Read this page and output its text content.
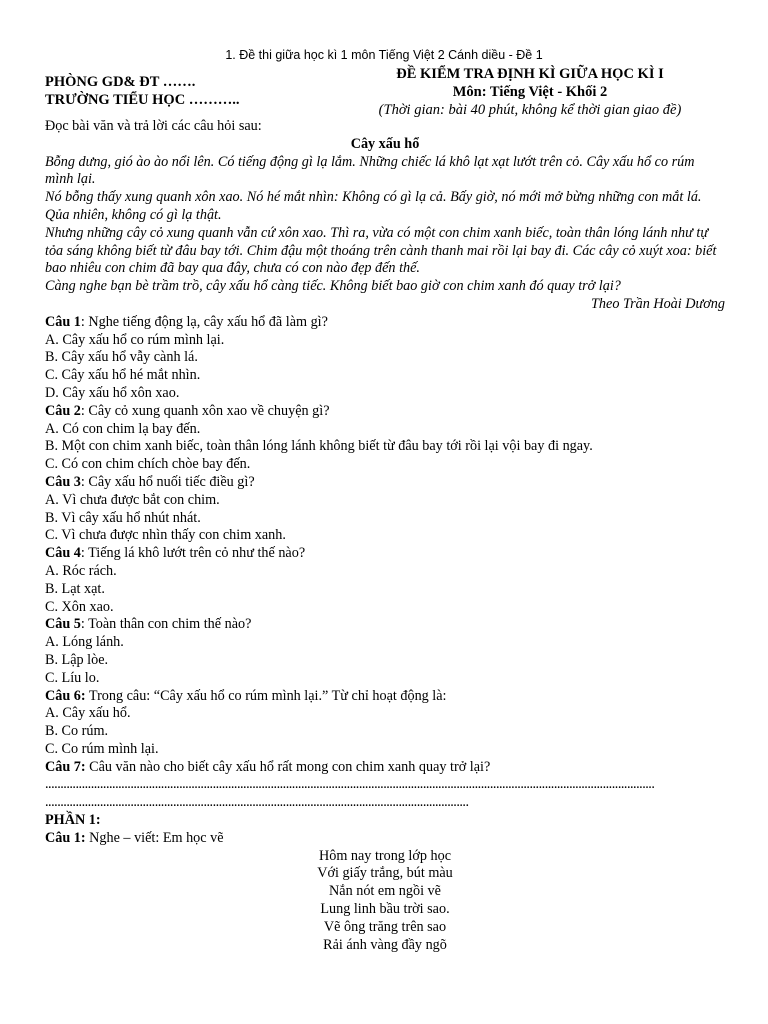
1. Đề thi giữa học kì 1 môn Tiếng Việt 2 Cánh diều - Đề 1
PHÒNG GD& ĐT …….
TRƯỜNG TIỂU HỌC ………..
ĐỀ KIỂM TRA ĐỊNH KÌ GIỮA HỌC KÌ I
Môn: Tiếng Việt - Khối 2
(Thời gian: bài 40 phút, không kể thời gian giao đề)

Đọc bài văn và trả lời các câu hỏi sau:

Cây xấu hổ

Bỗng dưng, gió ào ào nổi lên. Có tiếng động gì lạ lắm. Những chiếc lá khô lạt xạt lướt trên cỏ. Cây xấu hổ co rúm mình lại.

Nó bỗng thấy xung quanh xôn xao. Nó hé mắt nhìn: Không có gì lạ cả. Bấy giờ, nó mới mở bừng những con mắt lá. Qủa nhiên, không có gì lạ thật.

Nhưng những cây cỏ xung quanh vẫn cứ xôn xao. Thì ra, vừa có một con chim xanh biếc, toàn thân lóng lánh như tự tỏa sáng không biết từ đâu bay tới. Chim đậu một thoáng trên cành thanh mai rồi lại bay đi. Các cây cỏ xuýt xoa: biết bao nhiêu con chim đã bay qua đây, chưa có con nào đẹp đến thế.

Càng nghe bạn bè trầm trồ, cây xấu hổ càng tiếc. Không biết bao giờ con chim xanh đó quay trở lại?

Theo Trần Hoài Dương

Câu 1: Nghe tiếng động lạ, cây xấu hổ đã làm gì?

A. Cây xấu hổ co rúm mình lại.

B. Cây xấu hổ vẫy cành lá.

C. Cây xấu hổ hé mắt nhìn.

D. Cây xấu hổ xôn xao.

Câu 2: Cây cỏ xung quanh xôn xao về chuyện gì?

A. Có con chim lạ bay đến.

B. Một con chim xanh biếc, toàn thân lóng lánh không biết từ đâu bay tới rồi lại vội bay đi ngay.

C. Có con chim chích chòe bay đến.

Câu 3: Cây xấu hổ nuối tiếc điều gì?

A. Vì chưa được bắt con chim.

B. Vì cây xấu hổ nhút nhát.

C. Vì chưa được nhìn thấy con chim xanh.

Câu 4: Tiếng lá khô lướt trên cỏ như thế nào?

A. Róc rách.

B. Lạt xạt.

C. Xôn xao.

Câu 5: Toàn thân con chim thế nào?

A. Lóng lánh.

B. Lập lòe.

C. Líu lo.

Câu 6: Trong câu: “Cây xấu hổ co rúm mình lại.” Từ chỉ hoạt động là:

A. Cây xấu hổ.

B. Co rúm.

C. Co rúm mình lại.

Câu 7: Câu văn nào cho biết cây xấu hổ rất mong con chim xanh quay trở lại?

........................................................................................................................................................................................................

...........................................................................................................................................

PHẦN 1:

Câu 1: Nghe – viết: Em học vẽ

Hôm nay trong lớp học

Với giấy trắng, bút màu

Nắn nót em ngồi vẽ

Lung linh bầu trời sao.

Vẽ ông trăng trên sao

Rải ánh vàng đầy ngõ
